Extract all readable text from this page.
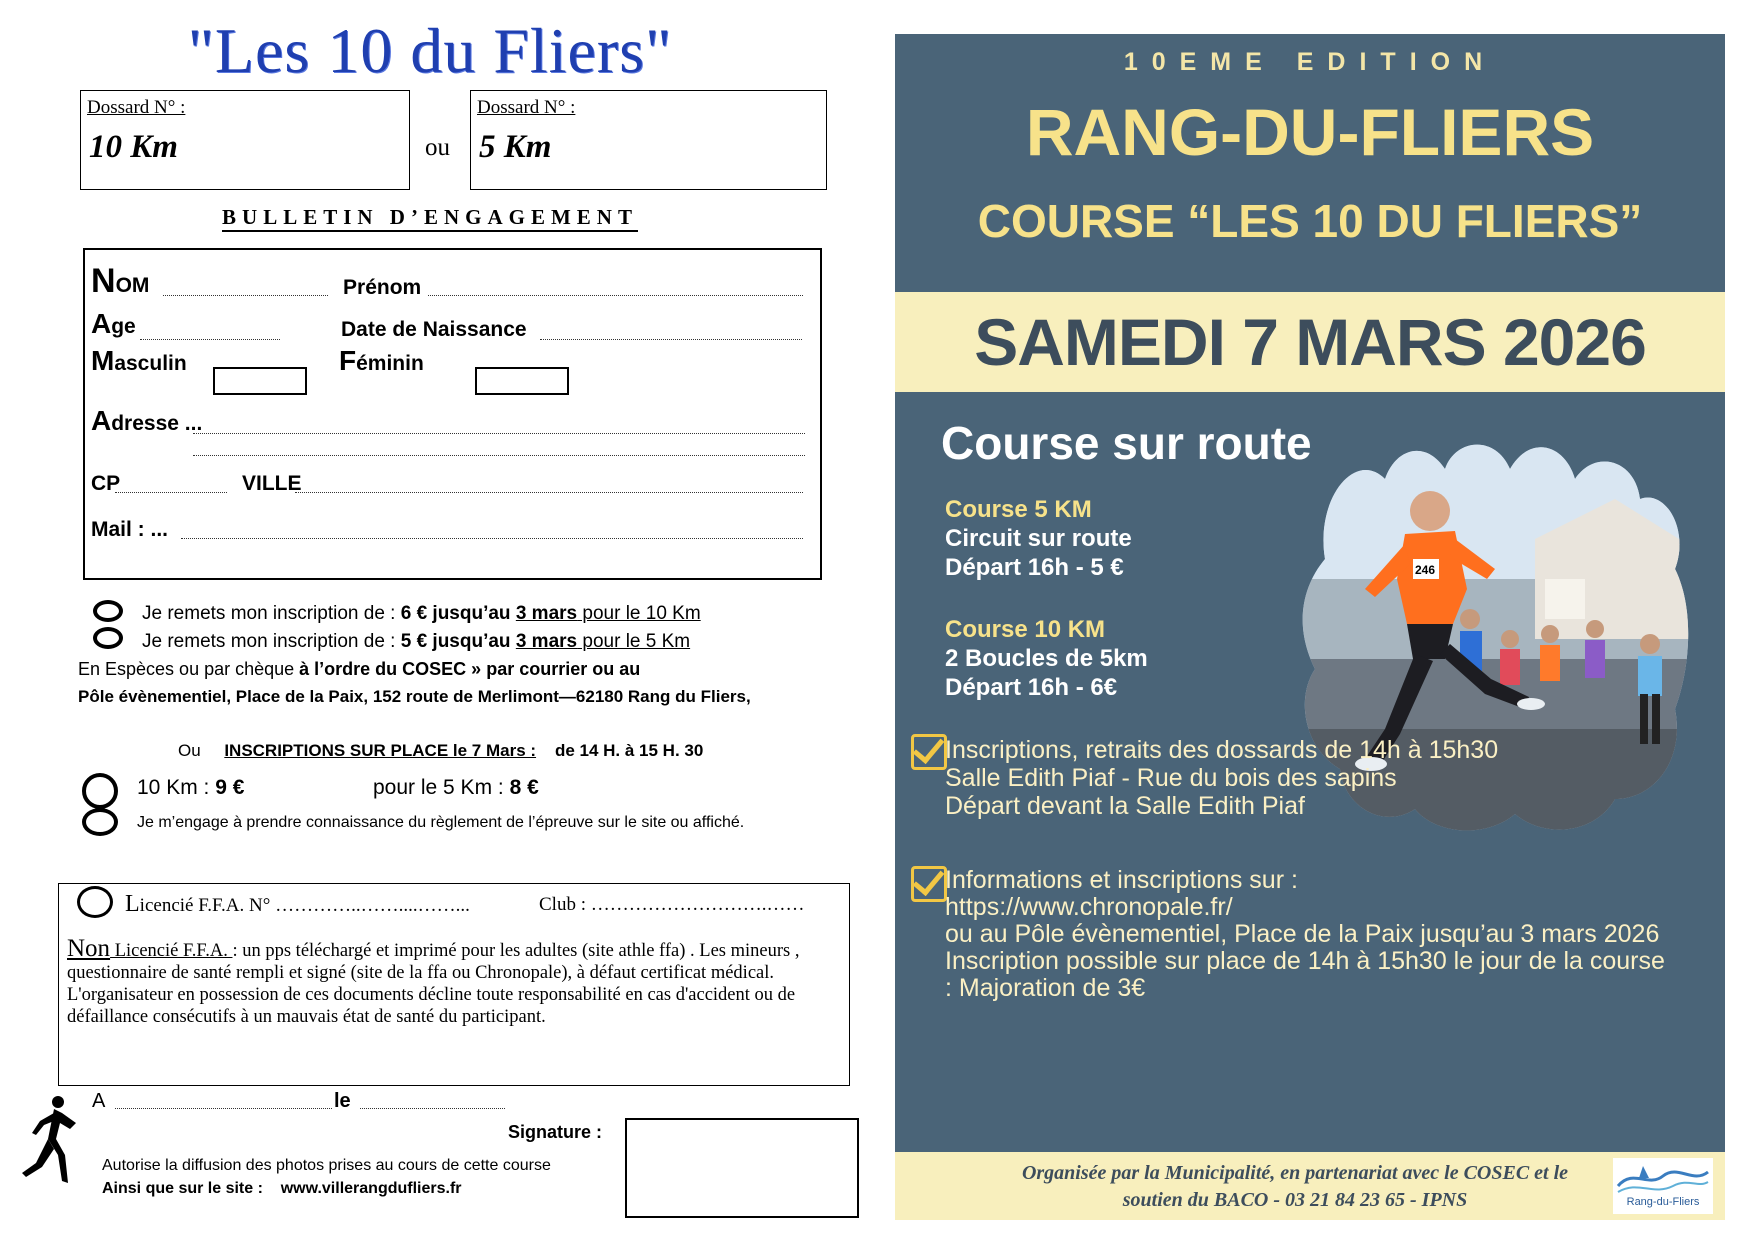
"Les 10 du Fliers"
Dossard N° :
10 Km	ou
Dossard N° :
5 Km
BULLETIN D’ENGAGEMENT
NOM	Prénom
Age	Date de Naissance
Masculin	Féminin
Adresse ...
CP	VILLE
Mail : ...
Je remets mon inscription de : 6 € jusqu’au 3 mars pour le 10 Km
Je remets mon inscription de : 5 € jusqu’au 3 mars pour le 5 Km
En Espèces ou par chèque à l’ordre du COSEC » par courrier ou au
Pôle évènementiel, Place de la Paix, 152 route de Merlimont—62180 Rang du Fliers,
Ou INSCRIPTIONS SUR PLACE le 7 Mars : de 14 H. à 15 H. 30
10 Km : 9 €	pour le 5 Km : 8 €
Je m’engage à prendre connaissance du règlement de l’épreuve sur le site ou affiché.
Licencié F.F.A. N° …………..……....……...	Club : ……………………….……
Non Licencié F.F.A. : un pps téléchargé et imprimé pour les adultes (site athle ffa) . Les mineurs , questionnaire de santé rempli et signé (site de la ffa ou Chronopale), à défaut certificat médical. L'organisateur en possession de ces documents décline toute responsabilité en cas d'accident ou de défaillance consécutifs à un mauvais état de santé du participant.
A	le
Signature :
Autorise la diffusion des photos prises au cours de cette course
Ainsi que sur le site : www.villerangdufliers.fr
10EME EDITION
RANG-DU-FLIERS
COURSE “LES 10 DU FLIERS”
SAMEDI 7 MARS 2026
Course sur route
Course 5 KM
Circuit sur route
Départ 16h - 5 €
Course 10 KM
2 Boucles de 5km
Départ 16h - 6€
246
Inscriptions, retraits des dossards de 14h à 15h30
Salle Edith Piaf - Rue du bois des sapins
Départ devant la Salle Edith Piaf
Informations et inscriptions sur :
https://www.chronopale.fr/
ou au Pôle évènementiel, Place de la Paix jusqu’au 3 mars 2026
Inscription possible sur place de 14h à 15h30 le jour de la course
: Majoration de 3€
Organisée par la Municipalité, en partenariat avec le COSEC et le
soutien du BACO - 03 21 84 23 65 - IPNS	Rang-du-Fliers
